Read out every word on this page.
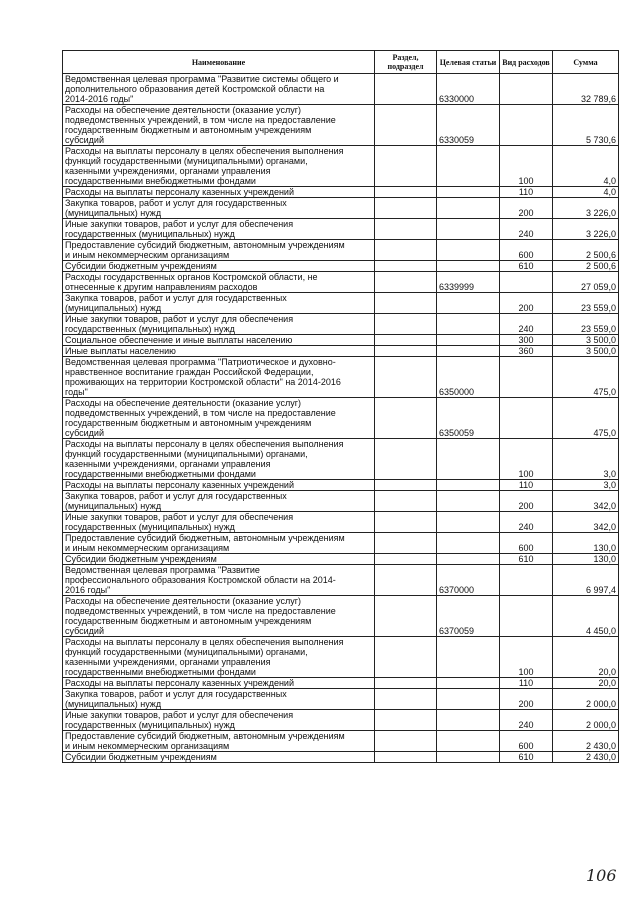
Наименование	Раздел, подраздел	Целевая статьи	Вид расходов	Сумма
Ведомственная целевая программа "Развитие системы общего и
дополнительного образования детей Костромской области на
2014-2016 годы"		6330000		32 789,6
Расходы на обеспечение деятельности (оказание услуг)
подведомственных учреждений, в том числе на предоставление
государственным бюджетным и автономным учреждениям
субсидий		6330059		5 730,6
Расходы на выплаты персоналу в целях обеспечения выполнения
функций государственными (муниципальными) органами,
казенными учреждениями, органами управления
государственными внебюджетными фондами			100	4,0
Расходы на выплаты персоналу казенных учреждений			110	4,0
Закупка товаров, работ и услуг для государственных
(муниципальных) нужд			200	3 226,0
Иные закупки товаров, работ и услуг для обеспечения
государственных (муниципальных) нужд			240	3 226,0
Предоставление субсидий бюджетным, автономным учреждениям
и иным некоммерческим организациям			600	2 500,6
Субсидии бюджетным учреждениям			610	2 500,6
Расходы государственных органов Костромской области, не
отнесенные к другим направлениям расходов		6339999		27 059,0
Закупка товаров, работ и услуг для государственных
(муниципальных) нужд			200	23 559,0
Иные закупки товаров, работ и услуг для обеспечения
государственных (муниципальных) нужд			240	23 559,0
Социальное обеспечение и иные выплаты населению			300	3 500,0
Иные выплаты населению			360	3 500,0
Ведомственная целевая программа "Патриотическое и духовно-
нравственное воспитание граждан Российской Федерации,
проживающих на территории Костромской области" на 2014-2016
годы"		6350000		475,0
Расходы на обеспечение деятельности (оказание услуг)
подведомственных учреждений, в том числе на предоставление
государственным бюджетным и автономным учреждениям
субсидий		6350059		475,0
Расходы на выплаты персоналу в целях обеспечения выполнения
функций государственными (муниципальными) органами,
казенными учреждениями, органами управления
государственными внебюджетными фондами			100	3,0
Расходы на выплаты персоналу казенных учреждений			110	3,0
Закупка товаров, работ и услуг для государственных
(муниципальных) нужд			200	342,0
Иные закупки товаров, работ и услуг для обеспечения
государственных (муниципальных) нужд			240	342,0
Предоставление субсидий бюджетным, автономным учреждениям
и иным некоммерческим организациям			600	130,0
Субсидии бюджетным учреждениям			610	130,0
Ведомственная целевая программа "Развитие
профессионального образования Костромской области на 2014-
2016 годы"		6370000		6 997,4
Расходы на обеспечение деятельности (оказание услуг)
подведомственных учреждений, в том числе на предоставление
государственным бюджетным и автономным учреждениям
субсидий		6370059		4 450,0
Расходы на выплаты персоналу в целях обеспечения выполнения
функций государственными (муниципальными) органами,
казенными учреждениями, органами управления
государственными внебюджетными фондами			100	20,0
Расходы на выплаты персоналу казенных учреждений			110	20,0
Закупка товаров, работ и услуг для государственных
(муниципальных) нужд			200	2 000,0
Иные закупки товаров, работ и услуг для обеспечения
государственных (муниципальных) нужд			240	2 000,0
Предоставление субсидий бюджетным, автономным учреждениям
и иным некоммерческим организациям			600	2 430,0
Субсидии бюджетным учреждениям			610	2 430,0
106
